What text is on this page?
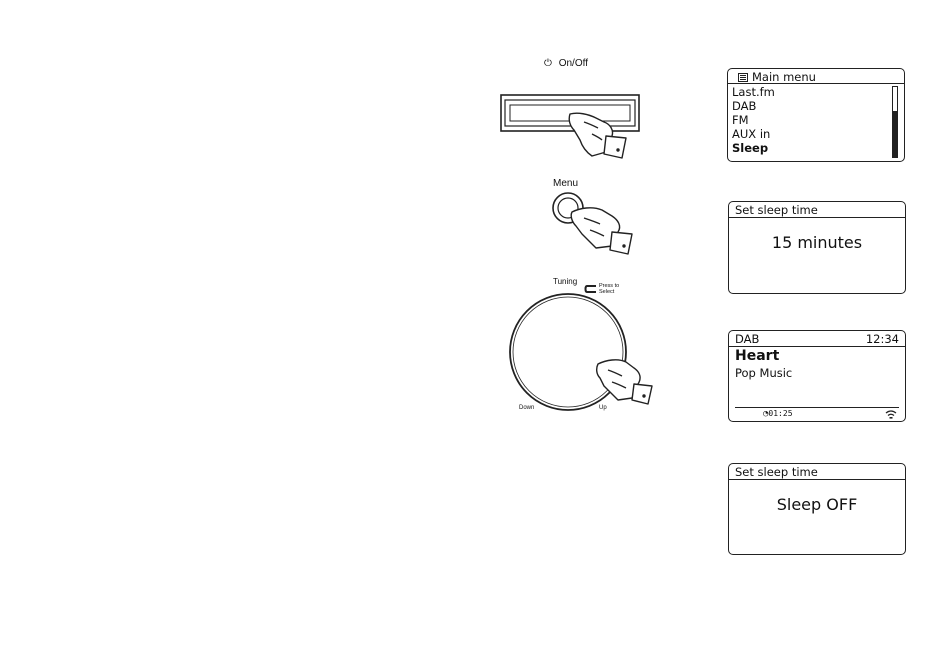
⏻ On/Off
Menu
Tuning	Press to
Select
Down	Up
Main menu
Last.fm
DAB
FM
AUX in
Sleep
Set sleep time
15 minutes
DAB	12:34
Heart
Pop Music
◔01:25
Set sleep time
Sleep OFF
